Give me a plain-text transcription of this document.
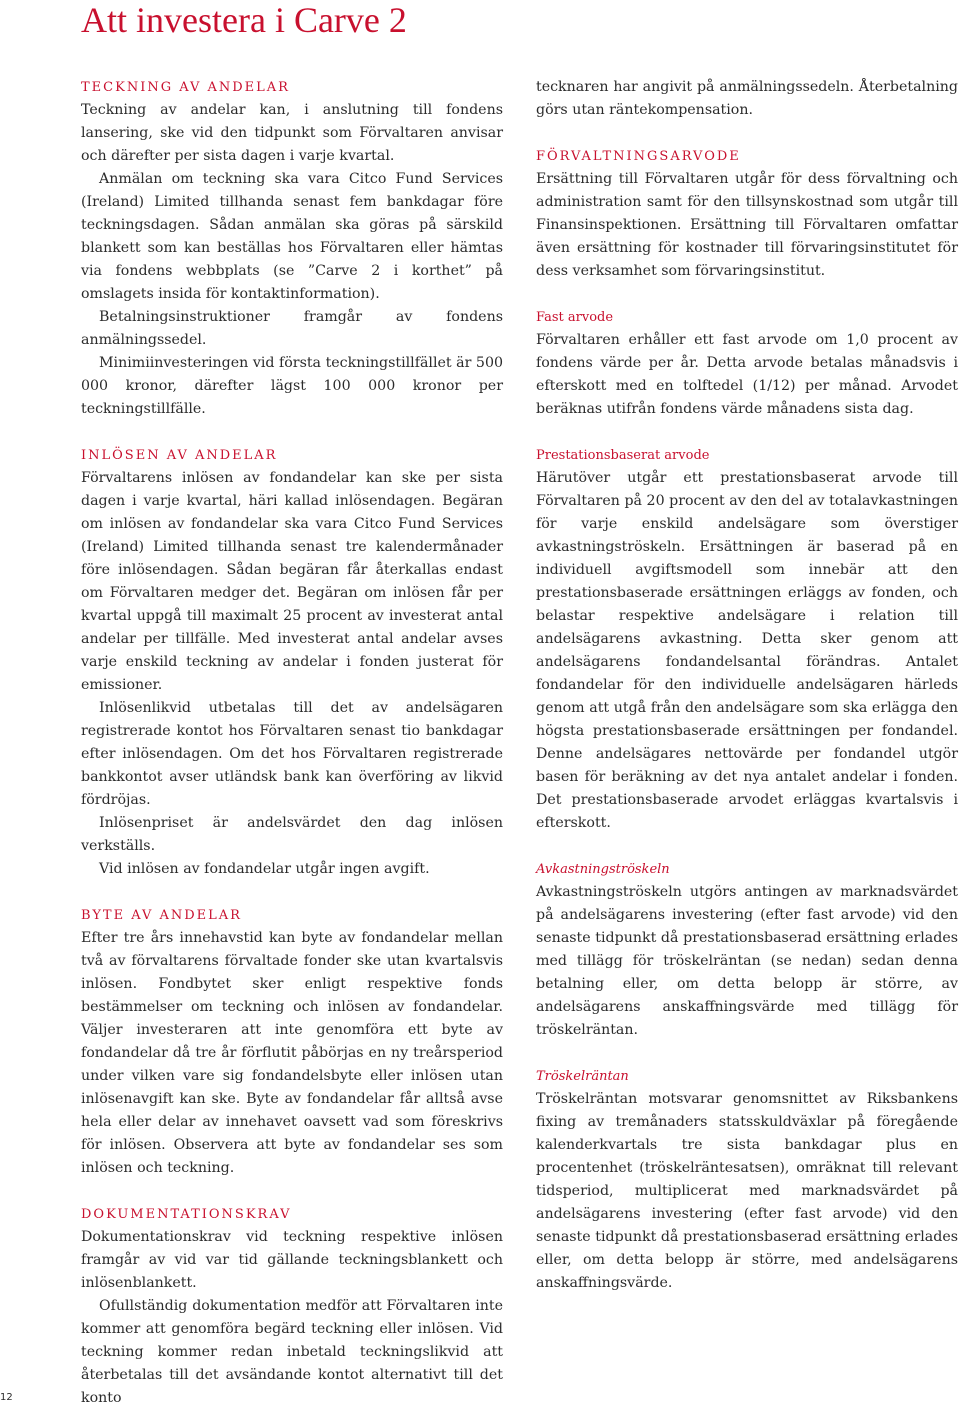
Att investera i Carve 2
TECKNING AV ANDELAR

Teckning av andelar kan, i anslutning till fondens lansering, ske vid den tidpunkt som Förvaltaren anvisar och därefter per sista dagen i varje kvartal.

Anmälan om teckning ska vara Citco Fund Services (Ireland) Limited tillhanda senast fem bankdagar före teckningsdagen. Sådan anmälan ska göras på särskild blankett som kan beställas hos Förvaltaren eller hämtas via fondens webbplats (se ”Carve 2 i korthet” på omslagets insida för kontaktinformation).

Betalningsinstruktioner framgår av fondens anmälningssedel.

Minimiinvesteringen vid första teckningstillfället är 500 000 kronor, därefter lägst 100 000 kronor per teckningstillfälle.

INLÖSEN AV ANDELAR

Förvaltarens inlösen av fondandelar kan ske per sista dagen i varje kvartal, häri kallad inlösendagen. Begäran om inlösen av fondandelar ska vara Citco Fund Services (Ireland) Limited tillhanda senast tre kalendermånader före inlösendagen. Sådan begäran får återkallas endast om Förvaltaren medger det. Begäran om inlösen får per kvartal uppgå till maximalt 25 procent av investerat antal andelar per tillfälle. Med investerat antal andelar avses varje enskild teckning av andelar i fonden justerat för emissioner.

Inlösenlikvid utbetalas till det av andelsägaren registrerade kontot hos Förvaltaren senast tio bankdagar efter inlösendagen. Om det hos Förvaltaren registrerade bankkontot avser utländsk bank kan överföring av likvid fördröjas.

Inlösenpriset är andelsvärdet den dag inlösen verkställs.

Vid inlösen av fondandelar utgår ingen avgift.

BYTE AV ANDELAR

Efter tre års innehavstid kan byte av fondandelar mellan två av förvaltarens förvaltade fonder ske utan kvartalsvis inlösen. Fondbytet sker enligt respektive fonds bestämmelser om teckning och inlösen av fondandelar. Väljer investeraren att inte genomföra ett byte av fondandelar då tre år förflutit påbörjas en ny treårsperiod under vilken vare sig fondandelsbyte eller inlösen utan inlösenavgift kan ske. Byte av fondandelar får alltså avse hela eller delar av innehavet oavsett vad som föreskrivs för inlösen. Observera att byte av fondandelar ses som inlösen och teckning.

DOKUMENTATIONSKRAV

Dokumentationskrav vid teckning respektive inlösen framgår av vid var tid gällande teckningsblankett och inlösenblankett.

Ofullständig dokumentation medför att Förvaltaren inte kommer att genomföra begärd teckning eller inlösen. Vid teckning kommer redan inbetald teckningslikvid att återbetalas till det avsändande kontot alternativt till det konto

tecknaren har angivit på anmälningssedeln. Återbetalning görs utan räntekompensation.

FÖRVALTNINGSARVODE

Ersättning till Förvaltaren utgår för dess förvaltning och administration samt för den tillsynskostnad som utgår till Finansinspektionen. Ersättning till Förvaltaren omfattar även ersättning för kostnader till förvaringsinstitutet för dess verksamhet som förvaringsinstitut.

Fast arvode

Förvaltaren erhåller ett fast arvode om 1,0 procent av fondens värde per år. Detta arvode betalas månadsvis i efterskott med en tolftedel (1/12) per månad. Arvodet beräknas utifrån fondens värde månadens sista dag.

Prestationsbaserat arvode

Härutöver utgår ett prestationsbaserat arvode till Förvaltaren på 20 procent av den del av totalavkastningen för varje enskild andelsägare som överstiger avkastningströskeln. Ersättningen är baserad på en individuell avgiftsmodell som innebär att den prestationsbaserade ersättningen erläggs av fonden, och belastar respektive andelsägare i relation till andelsägarens avkastning. Detta sker genom att andelsägarens fondandelsantal förändras. Antalet fondandelar för den individuelle andelsägaren härleds genom att utgå från den andelsägare som ska erlägga den högsta prestationsbaserade ersättningen per fondandel. Denne andelsägares nettovärde per fondandel utgör basen för beräkning av det nya antalet andelar i fonden. Det prestationsbaserade arvodet erläggas kvartalsvis i efterskott.

Avkastningströskeln

Avkastningströskeln utgörs antingen av marknadsvärdet på andelsägarens investering (efter fast arvode) vid den senaste tidpunkt då prestationsbaserad ersättning erlades med tillägg för tröskelräntan (se nedan) sedan denna betalning eller, om detta belopp är större, av andelsägarens anskaffningsvärde med tillägg för tröskelräntan.

Tröskelräntan

Tröskelräntan motsvarar genomsnittet av Riksbankens fixing av tremånaders statsskuldväxlar på föregående kalenderkvartals tre sista bankdagar plus en procentenhet (tröskelräntesatsen), omräknat till relevant tidsperiod, multiplicerat med marknadsvärdet på andelsägarens investering (efter fast arvode) vid den senaste tidpunkt då prestationsbaserad ersättning erlades eller, om detta belopp är större, med andelsägarens anskaffningsvärde.

12
